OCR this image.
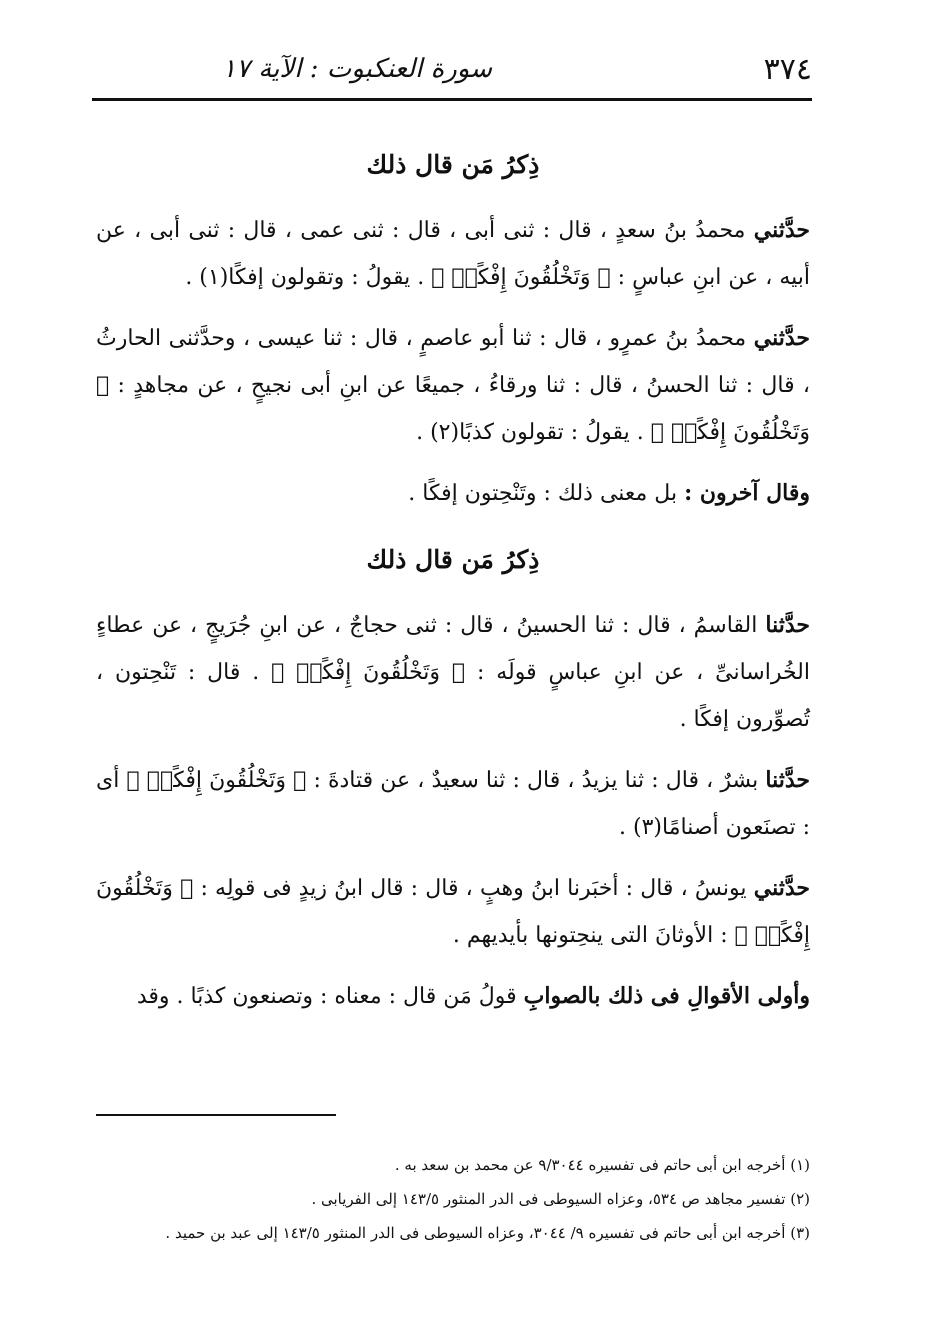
٣٧٤
سورة العنكبوت : الآية ١٧
ذِكرُ مَن قال ذلك

حدَّثني محمدُ بنُ سعدٍ ، قال : ثنى أبى ، قال : ثنى عمى ، قال : ثنى أبى ، عن أبيه ، عن ابنِ عباسٍ : ﴿ وَتَخْلُقُونَ إِفْكًاۚ ﴾ . يقولُ : وتقولون إفكًا(١) .

حدَّثني محمدُ بنُ عمرٍو ، قال : ثنا أبو عاصمٍ ، قال : ثنا عيسى ، وحدَّثنى الحارثُ ، قال : ثنا الحسنُ ، قال : ثنا ورقاءُ ، جميعًا عن ابنِ أبى نجيحٍ ، عن مجاهدٍ : ﴿ وَتَخْلُقُونَ إِفْكًاۚ ﴾ . يقولُ : تقولون كذبًا(٢) .

وقال آخرون : بل معنى ذلك : وتَنْحِتون إفكًا .

ذِكرُ مَن قال ذلك

حدَّثنا القاسمُ ، قال : ثنا الحسينُ ، قال : ثنى حجاجٌ ، عن ابنِ جُرَيجٍ ، عن عطاءٍ الخُراسانىِّ ، عن ابنِ عباسٍ قولَه : ﴿ وَتَخْلُقُونَ إِفْكًاۚ ﴾ . قال : تَنْحِتون ، تُصوِّرون إفكًا .

حدَّثنا بشرٌ ، قال : ثنا يزيدُ ، قال : ثنا سعيدٌ ، عن قتادةَ : ﴿ وَتَخْلُقُونَ إِفْكًاۚ ﴾ أى : تصنَعون أصنامًا(٣) .

حدَّثني يونسُ ، قال : أخبَرنا ابنُ وهبٍ ، قال : قال ابنُ زيدٍ فى قولِه : ﴿ وَتَخْلُقُونَ إِفْكًاۚ ﴾ : الأوثانَ التى ينحِتونها بأيديهم .

وأولى الأقوالِ فى ذلك بالصوابِ قولُ مَن قال : معناه : وتصنعون كذبًا . وقد

(١) أخرجه ابن أبى حاتم فى تفسيره ٩/٣٠٤٤ عن محمد بن سعد به .

(٢) تفسير مجاهد ص ٥٣٤، وعزاه السيوطى فى الدر المنثور ١٤٣/٥ إلى الفريابى .

(٣) أخرجه ابن أبى حاتم فى تفسيره ٩/ ٣٠٤٤، وعزاه السيوطى فى الدر المنثور ١٤٣/٥ إلى عبد بن حميد .
